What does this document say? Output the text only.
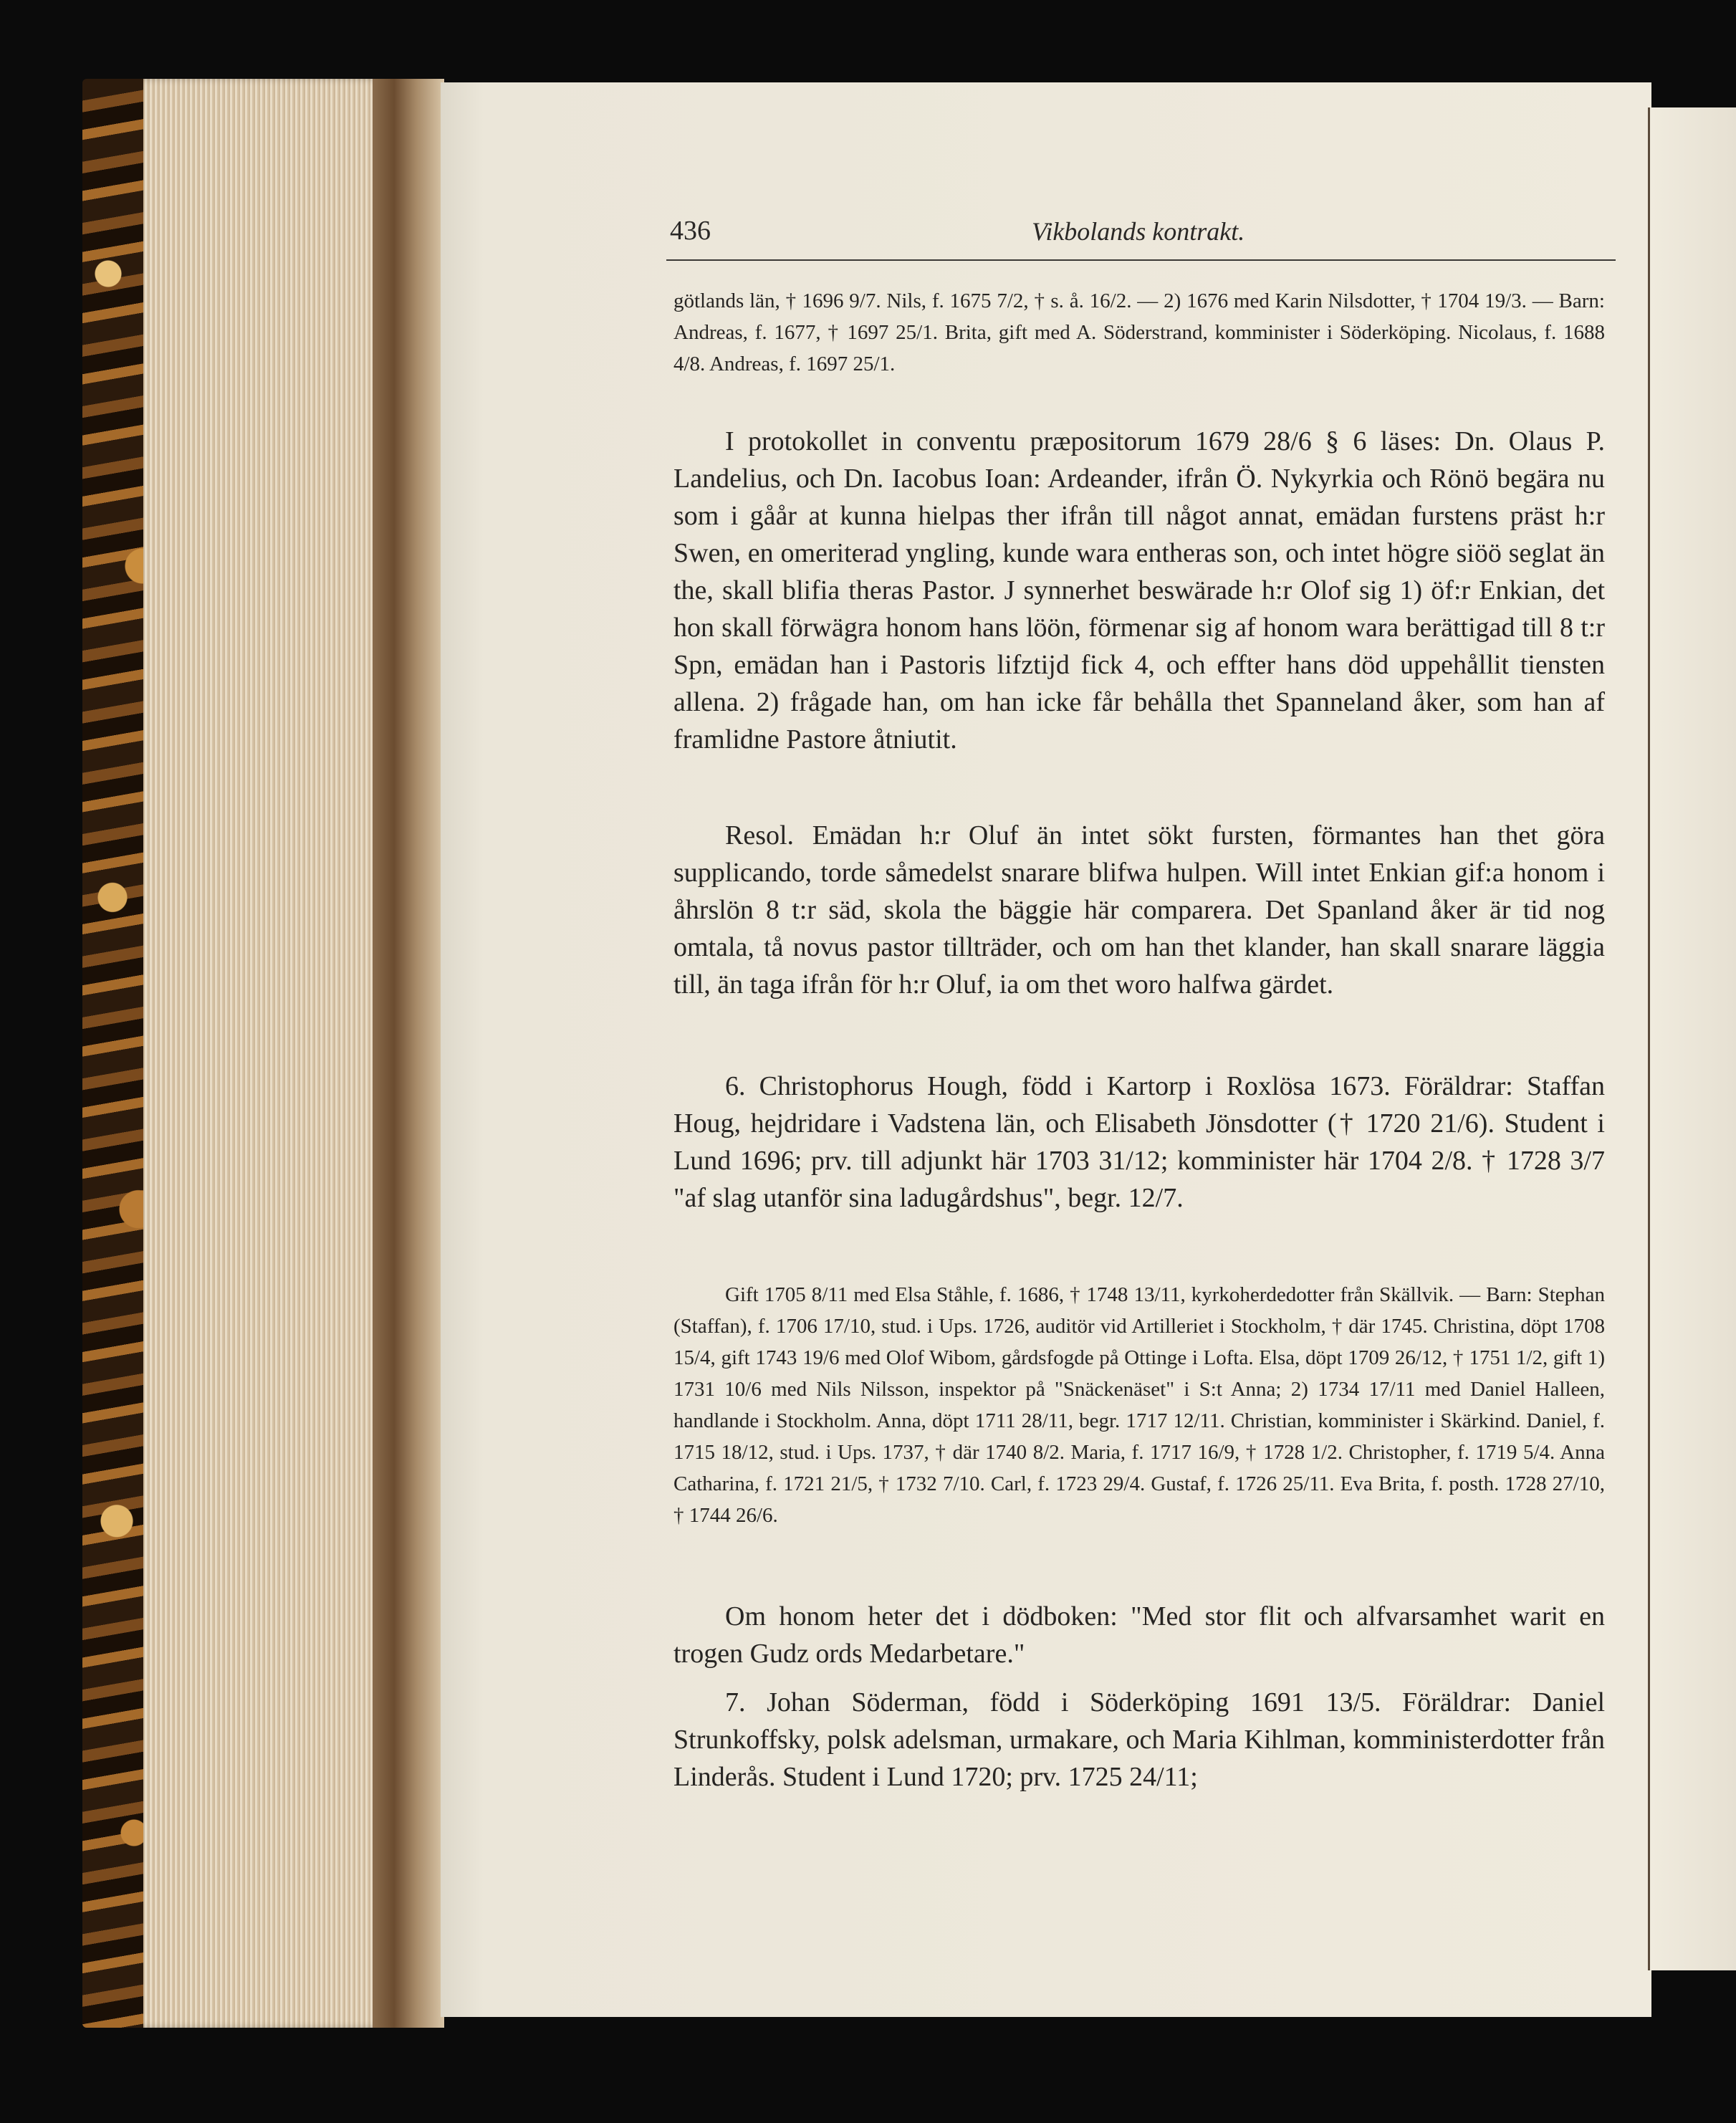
436	Vikbolands kontrakt.

götlands län, † 1696 9/7. Nils, f. 1675 7/2, † s. å. 16/2. — 2) 1676 med Karin Nilsdotter, † 1704 19/3. — Barn: Andreas, f. 1677, † 1697 25/1. Brita, gift med A. Söderstrand, komminister i Söderköping. Nicolaus, f. 1688 4/8. Andreas, f. 1697 25/1.

I protokollet in conventu præpositorum 1679 28/6 § 6 läses: Dn. Olaus P. Landelius, och Dn. Iacobus Ioan: Ardeander, ifrån Ö. Nykyrkia och Rönö begära nu som i gåår at kunna hielpas ther ifrån till något annat, emädan furstens präst h:r Swen, en omeriterad yngling, kunde wara entheras son, och intet högre siöö seglat än the, skall blifia theras Pastor. J synnerhet beswärade h:r Olof sig 1) öf:r Enkian, det hon skall förwägra honom hans löön, förmenar sig af honom wara berättigad till 8 t:r Spn, emädan han i Pastoris lifztijd fick 4, och effter hans död uppehållit tiensten allena. 2) frågade han, om han icke får behålla thet Spanneland åker, som han af framlidne Pastore åtniutit.

Resol. Emädan h:r Oluf än intet sökt fursten, förmantes han thet göra supplicando, torde såmedelst snarare blifwa hulpen. Will intet Enkian gif:a honom i åhrslön 8 t:r säd, skola the bäggie här comparera. Det Spanland åker är tid nog omtala, tå novus pastor tillträder, och om han thet klander, han skall snarare läggia till, än taga ifrån för h:r Oluf, ia om thet woro halfwa gärdet.

6. Christophorus Hough, född i Kartorp i Roxlösa 1673. Föräldrar: Staffan Houg, hejdridare i Vadstena län, och Elisabeth Jönsdotter († 1720 21/6). Student i Lund 1696; prv. till adjunkt här 1703 31/12; komminister här 1704 2/8. † 1728 3/7 "af slag utanför sina ladugårdshus", begr. 12/7.

Gift 1705 8/11 med Elsa Ståhle, f. 1686, † 1748 13/11, kyrkoherdedotter från Skällvik. — Barn: Stephan (Staffan), f. 1706 17/10, stud. i Ups. 1726, auditör vid Artilleriet i Stockholm, † där 1745. Christina, döpt 1708 15/4, gift 1743 19/6 med Olof Wibom, gårdsfogde på Ottinge i Lofta. Elsa, döpt 1709 26/12, † 1751 1/2, gift 1) 1731 10/6 med Nils Nilsson, inspektor på "Snäckenäset" i S:t Anna; 2) 1734 17/11 med Daniel Halleen, handlande i Stockholm. Anna, döpt 1711 28/11, begr. 1717 12/11. Christian, komminister i Skärkind. Daniel, f. 1715 18/12, stud. i Ups. 1737, † där 1740 8/2. Maria, f. 1717 16/9, † 1728 1/2. Christopher, f. 1719 5/4. Anna Catharina, f. 1721 21/5, † 1732 7/10. Carl, f. 1723 29/4. Gustaf, f. 1726 25/11. Eva Brita, f. posth. 1728 27/10, † 1744 26/6.

Om honom heter det i dödboken: "Med stor flit och alfvarsamhet warit en trogen Gudz ords Medarbetare."

7. Johan Söderman, född i Söderköping 1691 13/5. Föräldrar: Daniel Strunkoffsky, polsk adelsman, urmakare, och Maria Kihlman, komministerdotter från Linderås. Student i Lund 1720; prv. 1725 24/11;
